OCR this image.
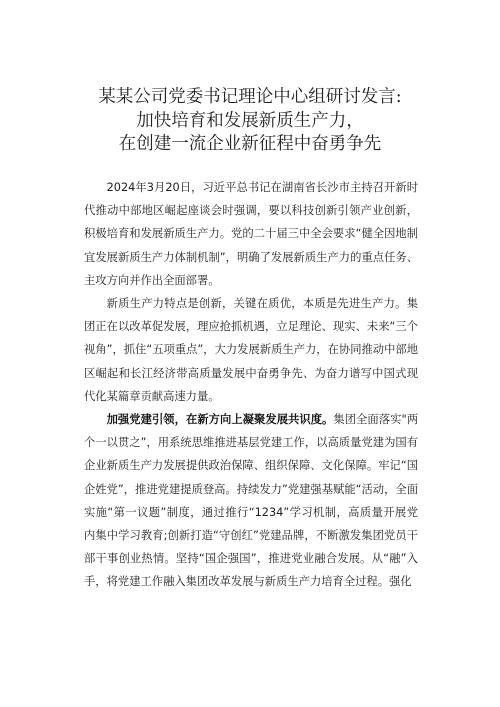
某某公司党委书记理论中心组研讨发言:
加快培育和发展新质生产力，
在创建一流企业新征程中奋勇争先

2024年3月20日，习近平总书记在湖南省长沙市主持召开新时代推动中部地区崛起座谈会时强调，要以科技创新引领产业创新，积极培育和发展新质生产力。党的二十届三中全会要求“健全因地制宜发展新质生产力体制机制”，明确了发展新质生产力的重点任务、主攻方向并作出全面部署。

新质生产力特点是创新，关键在质优，本质是先进生产力。集团正在以改革促发展，理应抢抓机遇，立足理论、现实、未来“三个视角”，抓住“五项重点”，大力发展新质生产力，在协同推动中部地区崛起和长江经济带高质量发展中奋勇争先、为奋力谱写中国式现代化某篇章贡献高速力量。

加强党建引领，在新方向上凝聚发展共识度。集团全面落实"两个一以贯之”，用系统思维推进基层党建工作，以高质量党建为国有企业新质生产力发展提供政治保障、组织保障、文化保障。牢记“国企姓党”，推进党建提质登高。持续发力”党建强基赋能“活动，全面实施“第一议题”制度，通过推行“1234”学习机制，高质量开展党内集中学习教育;创新打造“守创红”党建品牌，不断激发集团党员干部干事创业热情。坚持“国企强国”，推进党业融合发展。从“融”入手，将党建工作融入集团改革发展与新质生产力培育全过程。强化
